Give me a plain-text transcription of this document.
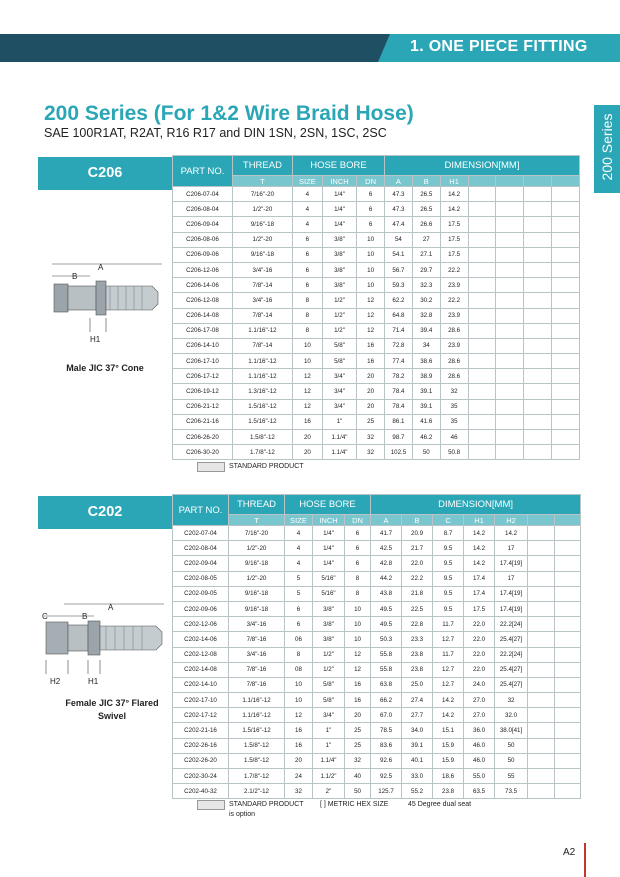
1. ONE PIECE FITTING
200 Series
200 Series (For 1&2 Wire Braid Hose)
SAE 100R1AT, R2AT, R16 R17 and DIN 1SN, 2SN, 1SC, 2SC
C206
A
B
H1
Male JIC 37° Cone
PART NO.	THREAD	HOSE BORE			DIMENSION[MM]						
	T	SIZE	INCH	DN	A	B	H1				
C206-07-04	7/16"-20	4	1/4"	6	47.3	26.5	14.2				
C206-08-04	1/2"-20	4	1/4"	6	47.3	26.5	14.2				
C206-09-04	9/16"-18	4	1/4"	6	47.4	26.6	17.5				
C206-08-06	1/2"-20	6	3/8"	10	54	27	17.5				
C206-09-06	9/16"-18	6	3/8"	10	54.1	27.1	17.5				
C206-12-06	3/4"-16	6	3/8"	10	56.7	29.7	22.2				
C206-14-06	7/8"-14	6	3/8"	10	59.3	32.3	23.9				
C206-12-08	3/4"-16	8	1/2"	12	62.2	30.2	22.2				
C206-14-08	7/8"-14	8	1/2"	12	64.8	32.8	23.9				
C206-17-08	1.1/16"-12	8	1/2"	12	71.4	39.4	28.6				
C206-14-10	7/8"-14	10	5/8"	16	72.8	34	23.9				
C206-17-10	1.1/16"-12	10	5/8"	16	77.4	38.6	28.6				
C206-17-12	1.1/16"-12	12	3/4"	20	78.2	38.9	28.6				
C206-19-12	1.3/16"-12	12	3/4"	20	78.4	39.1	32				
C206-21-12	1.5/16"-12	12	3/4"	20	78.4	39.1	35				
C206-21-16	1.5/16"-12	16	1"	25	86.1	41.6	35				
C206-26-20	1.5/8"-12	20	1.1/4"	32	98.7	46.2	46				
C206-30-20	1.7/8"-12	20	1.1/4"	32	102.5	50	50.8				
STANDARD PRODUCT
C202
A
B
C
H2	H1
Female JIC 37° Flared Swivel
PART NO.	THREAD	HOSE BORE			DIMENSION[MM]						
	T	SIZE	INCH	DN	A	B	C	H1	H2		
C202-07-04	7/16"-20	4	1/4"	6	41.7	20.9	8.7	14.2	14.2		
C202-08-04	1/2"-20	4	1/4"	6	42.5	21.7	9.5	14.2	17		
C202-09-04	9/16"-18	4	1/4"	6	42.8	22.0	9.5	14.2	17.4[19]		
C202-08-05	1/2"-20	5	5/16"	8	44.2	22.2	9.5	17.4	17		
C202-09-05	9/16"-18	5	5/16"	8	43.8	21.8	9.5	17.4	17.4[19]		
C202-09-06	9/16"-18	6	3/8"	10	49.5	22.5	9.5	17.5	17.4[19]		
C202-12-06	3/4"-16	6	3/8"	10	49.5	22.8	11.7	22.0	22.2[24]		
C202-14-06	7/8"-16	06	3/8"	10	50.3	23.3	12.7	22.0	25.4[27]		
C202-12-08	3/4"-16	8	1/2"	12	55.8	23.8	11.7	22.0	22.2[24]		
C202-14-08	7/8"-16	08	1/2"	12	55.8	23.8	12.7	22.0	25.4[27]		
C202-14-10	7/8"-16	10	5/8"	16	63.8	25.0	12.7	24.0	25.4[27]		
C202-17-10	1.1/16"-12	10	5/8"	16	66.2	27.4	14.2	27.0	32		
C202-17-12	1.1/16"-12	12	3/4"	20	67.0	27.7	14.2	27.0	32.0		
C202-21-16	1.5/16"-12	16	1"	25	78.5	34.0	15.1	36.0	38.0[41]		
C202-26-16	1.5/8"-12	16	1"	25	83.6	39.1	15.9	46.0	50		
C202-26-20	1.5/8"-12	20	1.1/4"	32	92.6	40.1	15.9	46.0	50		
C202-30-24	1.7/8"-12	24	1.1/2"	40	92.5	33.0	18.6	55.0	55		
C202-40-32	2.1/2"-12	32	2"	50	125.7	55.2	23.8	63.5	73.5		
STANDARD PRODUCT
is option
[ ] METRIC HEX SIZE	45 Degree dual seat
A2
